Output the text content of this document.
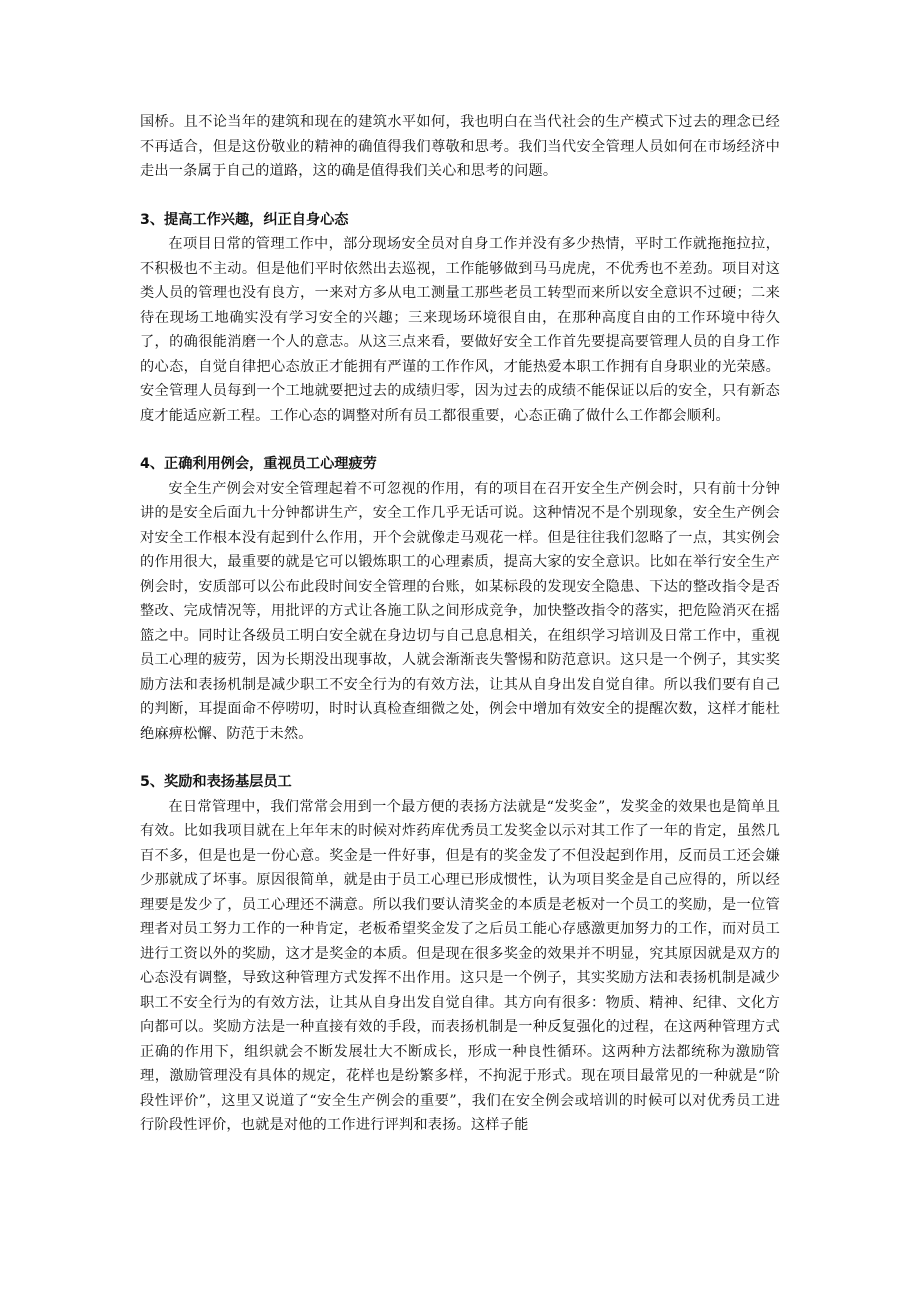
国桥。且不论当年的建筑和现在的建筑水平如何，我也明白在当代社会的生产模式下过去的理念已经不再适合，但是这份敬业的精神的确值得我们尊敬和思考。我们当代安全管理人员如何在市场经济中走出一条属于自己的道路，这的确是值得我们关心和思考的问题。

3、提高工作兴趣，纠正自身心态

在项目日常的管理工作中，部分现场安全员对自身工作并没有多少热情，平时工作就拖拖拉拉，不积极也不主动。但是他们平时依然出去巡视，工作能够做到马马虎虎，不优秀也不差劲。项目对这类人员的管理也没有良方，一来对方多从电工测量工那些老员工转型而来所以安全意识不过硬；二来待在现场工地确实没有学习安全的兴趣；三来现场环境很自由，在那种高度自由的工作环境中待久了，的确很能消磨一个人的意志。从这三点来看，要做好安全工作首先要提高要管理人员的自身工作的心态，自觉自律把心态放正才能拥有严谨的工作作风，才能热爱本职工作拥有自身职业的光荣感。安全管理人员每到一个工地就要把过去的成绩归零，因为过去的成绩不能保证以后的安全，只有新态度才能适应新工程。工作心态的调整对所有员工都很重要，心态正确了做什么工作都会顺利。

4、正确利用例会，重视员工心理疲劳

安全生产例会对安全管理起着不可忽视的作用，有的项目在召开安全生产例会时，只有前十分钟讲的是安全后面九十分钟都讲生产，安全工作几乎无话可说。这种情况不是个别现象，安全生产例会对安全工作根本没有起到什么作用，开个会就像走马观花一样。但是往往我们忽略了一点，其实例会的作用很大，最重要的就是它可以锻炼职工的心理素质，提高大家的安全意识。比如在举行安全生产例会时，安质部可以公布此段时间安全管理的台账，如某标段的发现安全隐患、下达的整改指令是否整改、完成情况等，用批评的方式让各施工队之间形成竞争，加快整改指令的落实，把危险消灭在摇篮之中。同时让各级员工明白安全就在身边切与自己息息相关，在组织学习培训及日常工作中，重视员工心理的疲劳，因为长期没出现事故，人就会渐渐丧失警惕和防范意识。这只是一个例子，其实奖励方法和表扬机制是减少职工不安全行为的有效方法，让其从自身出发自觉自律。所以我们要有自己的判断，耳提面命不停唠叨，时时认真检查细微之处，例会中增加有效安全的提醒次数，这样才能杜绝麻痹松懈、防范于未然。

5、奖励和表扬基层员工

在日常管理中，我们常常会用到一个最方便的表扬方法就是“发奖金”，发奖金的效果也是简单且有效。比如我项目就在上年年末的时候对炸药库优秀员工发奖金以示对其工作了一年的肯定，虽然几百不多，但是也是一份心意。奖金是一件好事，但是有的奖金发了不但没起到作用，反而员工还会嫌少那就成了坏事。原因很简单，就是由于员工心理已形成惯性，认为项目奖金是自己应得的，所以经理要是发少了，员工心理还不满意。所以我们要认清奖金的本质是老板对一个员工的奖励，是一位管理者对员工努力工作的一种肯定，老板希望奖金发了之后员工能心存感激更加努力的工作，而对员工进行工资以外的奖励，这才是奖金的本质。但是现在很多奖金的效果并不明显，究其原因就是双方的心态没有调整，导致这种管理方式发挥不出作用。这只是一个例子，其实奖励方法和表扬机制是减少职工不安全行为的有效方法，让其从自身出发自觉自律。其方向有很多：物质、精神、纪律、文化方向都可以。奖励方法是一种直接有效的手段，而表扬机制是一种反复强化的过程，在这两种管理方式正确的作用下，组织就会不断发展壮大不断成长，形成一种良性循环。这两种方法都统称为激励管理，激励管理没有具体的规定，花样也是纷繁多样，不拘泥于形式。现在项目最常见的一种就是“阶段性评价”，这里又说道了“安全生产例会的重要”，我们在安全例会或培训的时候可以对优秀员工进行阶段性评价，也就是对他的工作进行评判和表扬。这样子能
